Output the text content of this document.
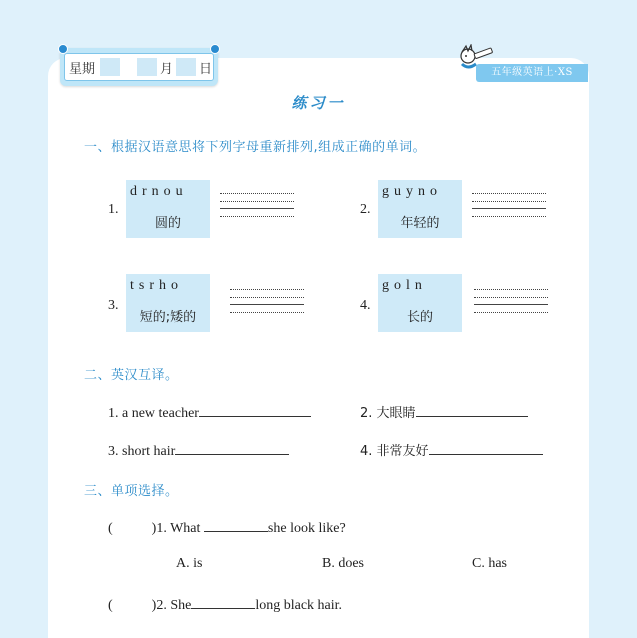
星期	月 日	五年级英语上·XS
练习一
一、根据汉语意思将下列字母重新排列,组成正确的单词。
1.
drnou
圆的
2.
guyno
年轻的
3.
tsrho
短的;矮的
4.
goln
长的
二、英汉互译。
1. a new teacher	2. 大眼睛
3. short hair	4. 非常友好
三、单项选择。
(	)1. What	she look like?
A. is	B. does	C. has
(	)2. She	long black hair.
